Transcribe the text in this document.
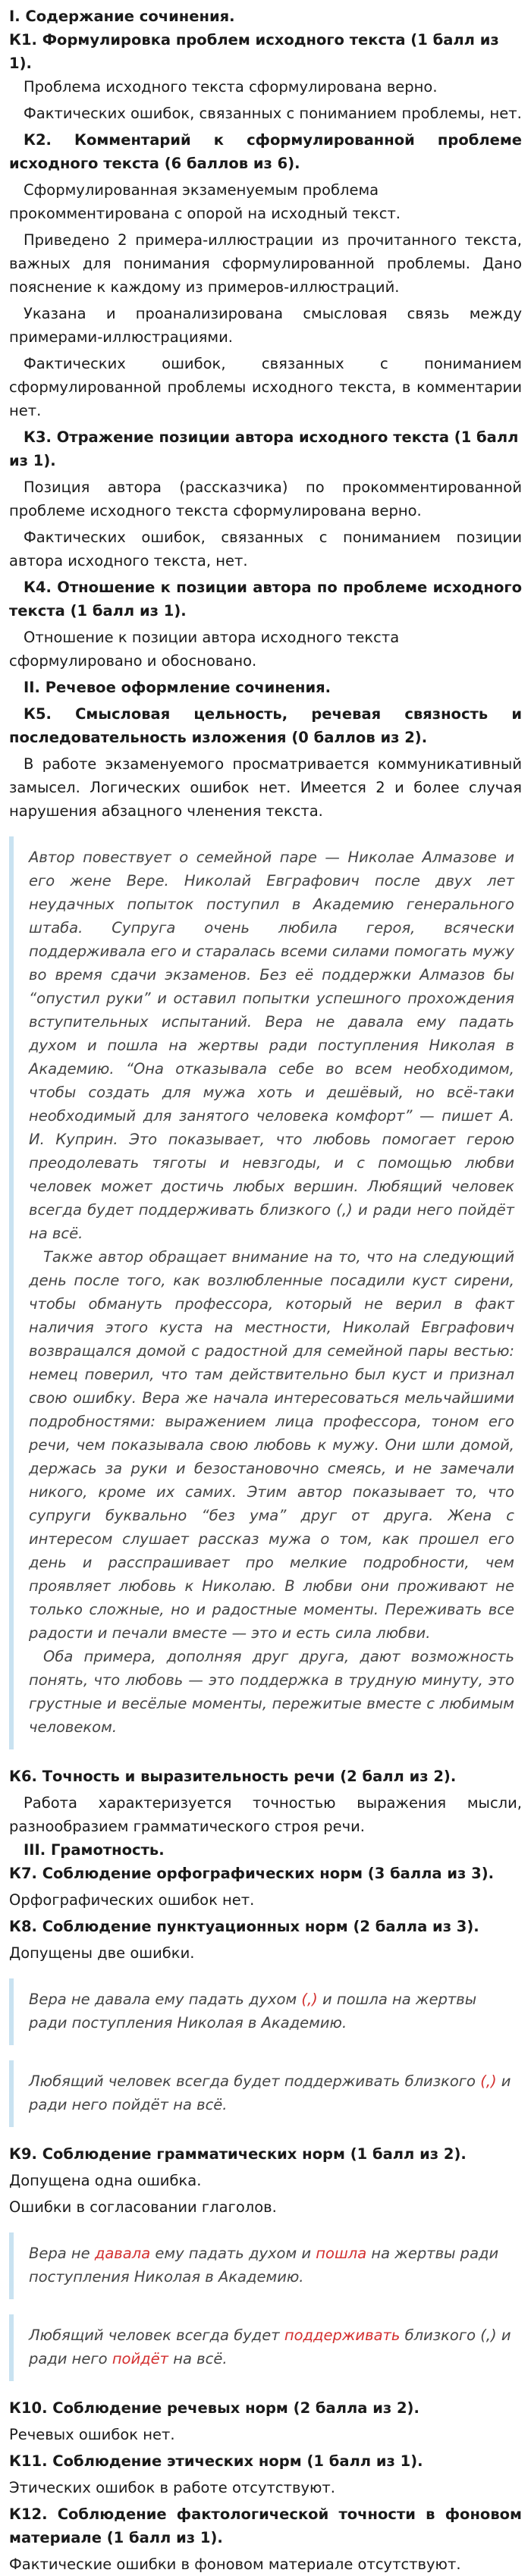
I. Содержание сочинения.

К1. Формулировка проблем исходного текста (1 балл из 1).

Проблема исходного текста сформулирована верно.

Фактических ошибок, связанных с пониманием проблемы, нет.

К2. Комментарий к сформулированной проблеме исходного текста (6 баллов из 6).

Сформулированная экзаменуемым проблема прокомментирована с опорой на исходный текст.

Приведено 2 примера-иллюстрации из прочитанного текста, важных для понимания сформулированной проблемы. Дано пояснение к каждому из примеров-иллюстраций.

Указана и проанализирована смысловая связь между примерами-иллюстрациями.

Фактических ошибок, связанных с пониманием сформулированной проблемы исходного текста, в комментарии нет.

К3. Отражение позиции автора исходного текста (1 балл из 1).

Позиция автора (рассказчика) по прокомментированной проблеме исходного текста сформулирована верно.

Фактических ошибок, связанных с пониманием позиции автора исходного текста, нет.

К4. Отношение к позиции автора по проблеме исходного текста (1 балл из 1).

Отношение к позиции автора исходного текста сформулировано и обосновано.

II. Речевое оформление сочинения.

К5. Смысловая цельность, речевая связность и последовательность изложения (0 баллов из 2).

В работе экзаменуемого просматривается коммуникативный замысел. Логических ошибок нет. Имеется 2 и более случая нарушения абзацного членения текста.

Автор повествует о семейной паре — Николае Алмазове и его жене Вере. Николай Евграфович после двух лет неудачных попыток поступил в Академию генерального штаба. Супруга очень любила героя, всячески поддерживала его и старалась всеми силами помогать мужу во время сдачи экзаменов. Без её поддержки Алмазов бы “опустил руки” и оставил попытки успешного прохождения вступительных испытаний. Вера не давала ему падать духом и пошла на жертвы ради поступления Николая в Академию. “Она отказывала себе во всем необходимом, чтобы создать для мужа хоть и дешёвый, но всё-таки необходимый для занятого человека комфорт” — пишет А. И. Куприн. Это показывает, что любовь помогает герою преодолевать тяготы и невзгоды, и с помощью любви человек может достичь любых вершин. Любящий человек всегда будет поддерживать близкого (,) и ради него пойдёт на всё.

Также автор обращает внимание на то, что на следующий день после того, как возлюбленные посадили куст сирени, чтобы обмануть профессора, который не верил в факт наличия этого куста на местности, Николай Евграфович возвращался домой с радостной для семейной пары вестью: немец поверил, что там действительно был куст и признал свою ошибку. Вера же начала интересоваться мельчайшими подробностями: выражением лица профессора, тоном его речи, чем показывала свою любовь к мужу. Они шли домой, держась за руки и безостановочно смеясь, и не замечали никого, кроме их самих. Этим автор показывает то, что супруги буквально “без ума” друг от друга. Жена с интересом слушает рассказ мужа о том, как прошел его день и расспрашивает про мелкие подробности, чем проявляет любовь к Николаю. В любви они проживают не только сложные, но и радостные моменты. Переживать все радости и печали вместе — это и есть сила любви.

Оба примера, дополняя друг друга, дают возможность понять, что любовь — это поддержка в трудную минуту, это грустные и весёлые моменты, пережитые вместе с любимым человеком.

К6. Точность и выразительность речи (2 балл из 2).

Работа характеризуется точностью выражения мысли, разнообразием грамматического строя речи.

III. Грамотность.

К7. Соблюдение орфографических норм (3 балла из 3).

Орфографических ошибок нет.

К8. Соблюдение пунктуационных норм (2 балла из 3).

Допущены две ошибки.

Вера не давала ему падать духом (,) и пошла на жертвы ради поступления Николая в Академию.

Любящий человек всегда будет поддерживать близкого (,) и ради него пойдёт на всё.

К9. Соблюдение грамматических норм (1 балл из 2).

Допущена одна ошибка.

Ошибки в согласовании глаголов.

Вера не давала ему падать духом и пошла на жертвы ради поступления Николая в Академию.

Любящий человек всегда будет поддерживать близкого (,) и ради него пойдёт на всё.

К10. Соблюдение речевых норм (2 балла из 2).

Речевых ошибок нет.

К11. Соблюдение этических норм (1 балл из 1).

Этических ошибок в работе отсутствуют.

К12. Соблюдение фактологической точности в фоновом материале (1 балл из 1).

Фактические ошибки в фоновом материале отсутствуют.
